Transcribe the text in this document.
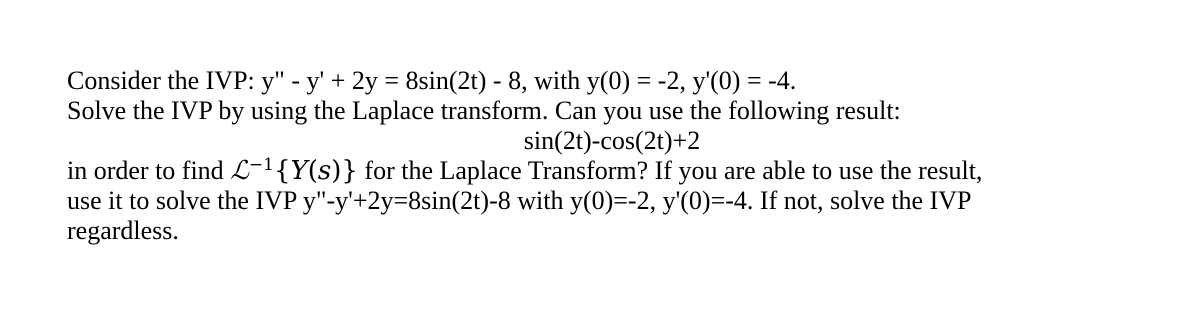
Consider the IVP: y" - y' + 2y = 8sin(2t) - 8, with y(0) = -2, y'(0) = -4.
Solve the IVP by using the Laplace transform. Can you use the following result:
sin(2t)-cos(2t)+2
in order to find ℒ$^{-1}${Y(s)} for the Laplace Transform? If you are able to use the result,
use it to solve the IVP y"-y'+2y=8sin(2t)-8 with y(0)=-2, y'(0)=-4. If not, solve the IVP
regardless.
